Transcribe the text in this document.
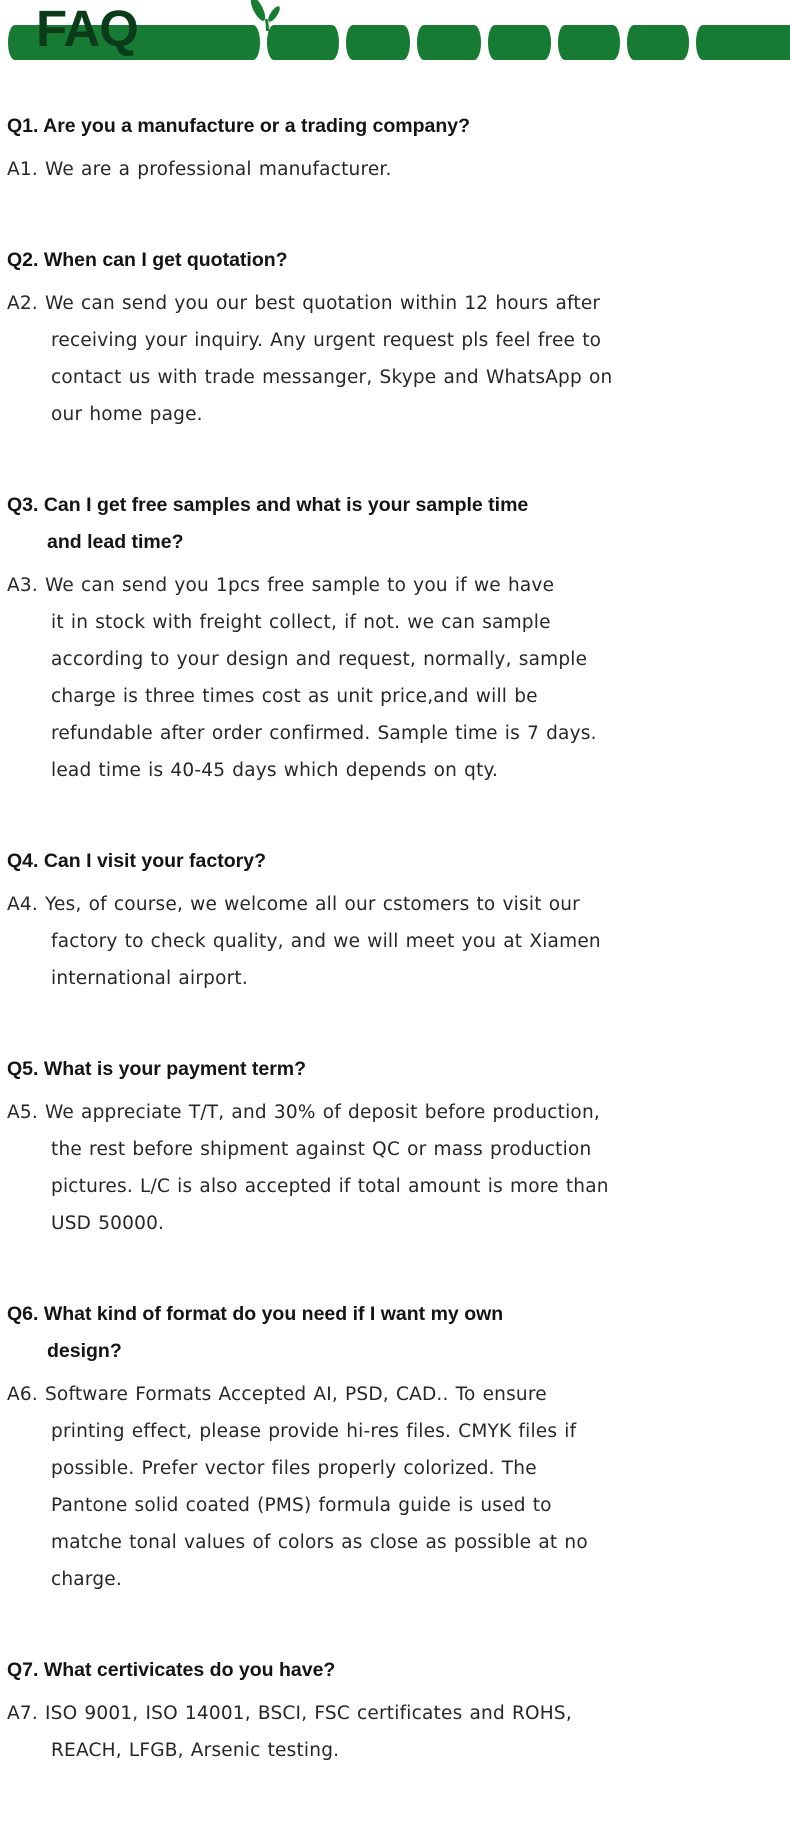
FAQ
Q1. Are you a manufacture or a trading company?

A1. We are a professional manufacturer.

Q2. When can I get quotation?

A2. We can send you our best quotation within 12 hours after
receiving your inquiry. Any urgent request pls feel free to
contact us with trade messanger, Skype and WhatsApp on
our home page.

Q3. Can I get free samples and what is your sample time
and lead time?

A3. We can send you 1pcs free sample to you if we have
it in stock with freight collect, if not. we can sample
according to your design and request, normally, sample
charge is three times cost as unit price,and will be
refundable after order confirmed. Sample time is 7 days.
lead time is 40-45 days which depends on qty.

Q4. Can I visit your factory?

A4. Yes, of course, we welcome all our cstomers to visit our
factory to check quality, and we will meet you at Xiamen
international airport.

Q5. What is your payment term?

A5. We appreciate T/T, and 30% of deposit before production,
the rest before shipment against QC or mass production
pictures. L/C is also accepted if total amount is more than
USD 50000.

Q6. What kind of format do you need if I want my own
design?

A6. Software Formats Accepted AI, PSD, CAD.. To ensure
printing effect, please provide hi-res files. CMYK files if
possible. Prefer vector files properly colorized. The
Pantone solid coated (PMS) formula guide is used to
matche tonal values of colors as close as possible at no
charge.

Q7. What certivicates do you have?

A7. ISO 9001, ISO 14001, BSCI, FSC certificates and ROHS,
REACH, LFGB, Arsenic testing.
